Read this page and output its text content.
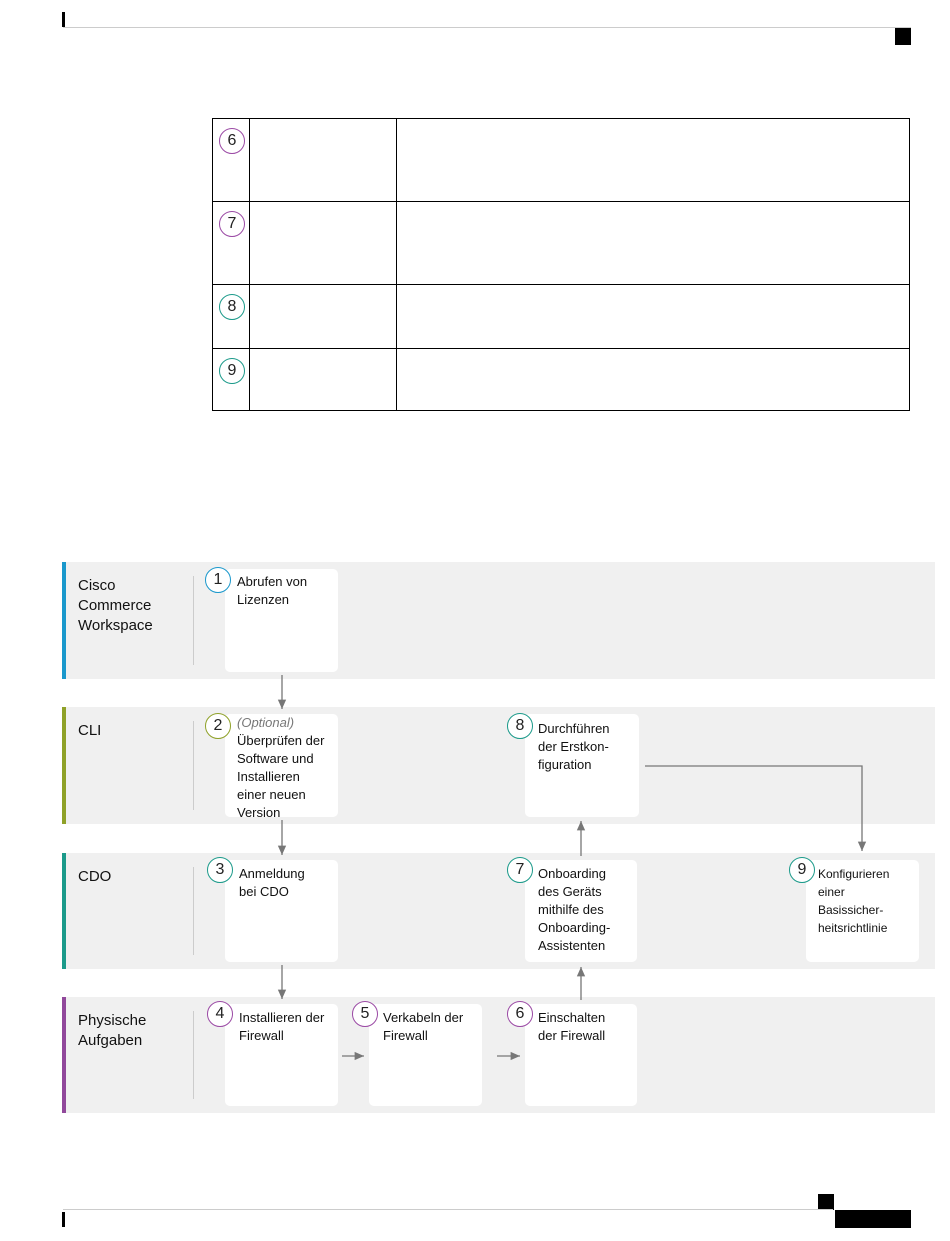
6
7
8
9
Cisco
Commerce
Workspace
CLI
CDO
Physische
Aufgaben
1
2
3
4	5	6
7
8
9
Abrufen von
Lizenzen
(Optional)
Überprüfen der
Software und
Installieren
einer neuen
Version
Anmeldung
bei CDO
Installieren der
Firewall
Verkabeln der
Firewall
Einschalten
der Firewall
Onboarding
des Geräts
mithilfe des
Onboarding-
Assistenten
Durchführen
der Erstkon-
figuration
Konfigurieren
einer
Basissicher-
heitsrichtlinie
